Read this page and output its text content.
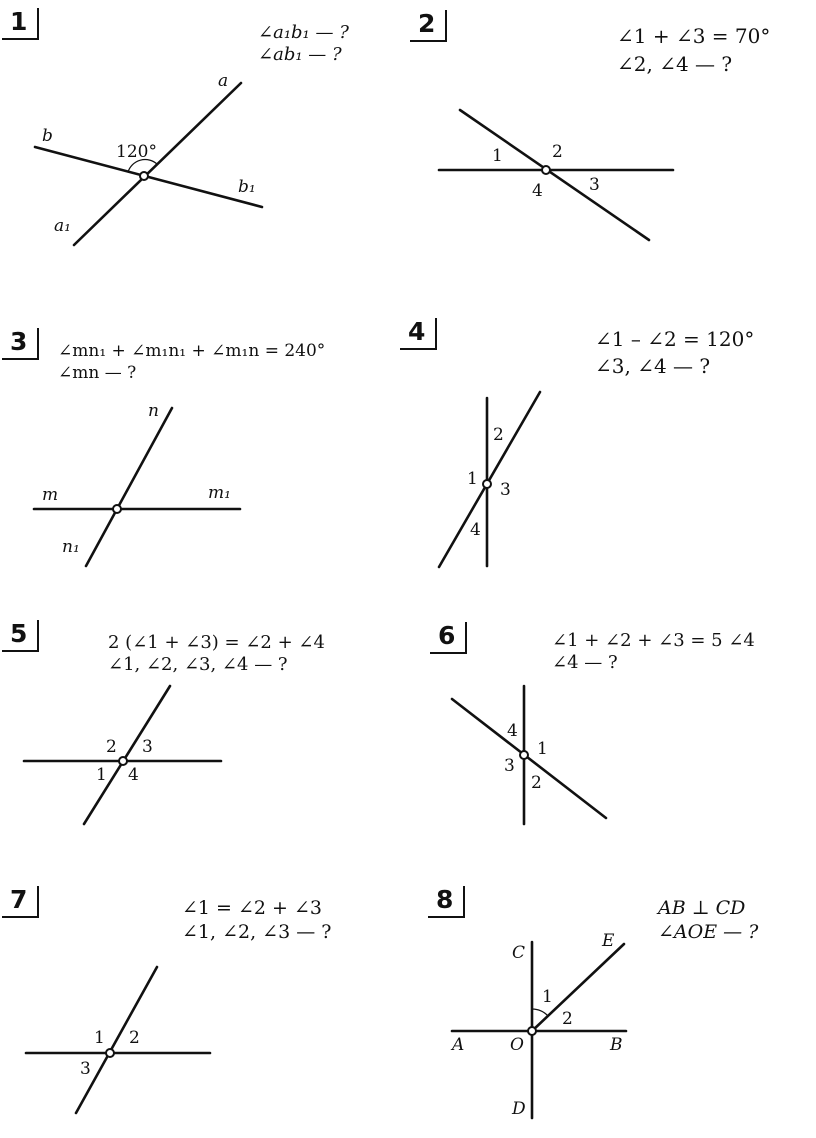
1	2
3	4
5	6
7	8
∠a₁b₁ — ?
∠ab₁ — ?
∠1 + ∠3 = 70°
∠2, ∠4 — ?
∠mn₁ + ∠m₁n₁ + ∠m₁n = 240°
∠mn — ?
∠1 – ∠2 = 120°
∠3, ∠4 — ?
2 (∠1 + ∠3) = ∠2 + ∠4
∠1, ∠2, ∠3, ∠4 — ?
∠1 + ∠2 + ∠3 = 5 ∠4
∠4 — ?
∠1 = ∠2 + ∠3
∠1, ∠2, ∠3 — ?
AB ⊥ CD
∠AOE — ?
a
b
b₁
a₁
120°	1	2
3
4
n
m	m₁
n₁
1
2
3
4
1
2 3
4
1
2
3
4
1 2
3
C
E
A	O	B
D
1
2
